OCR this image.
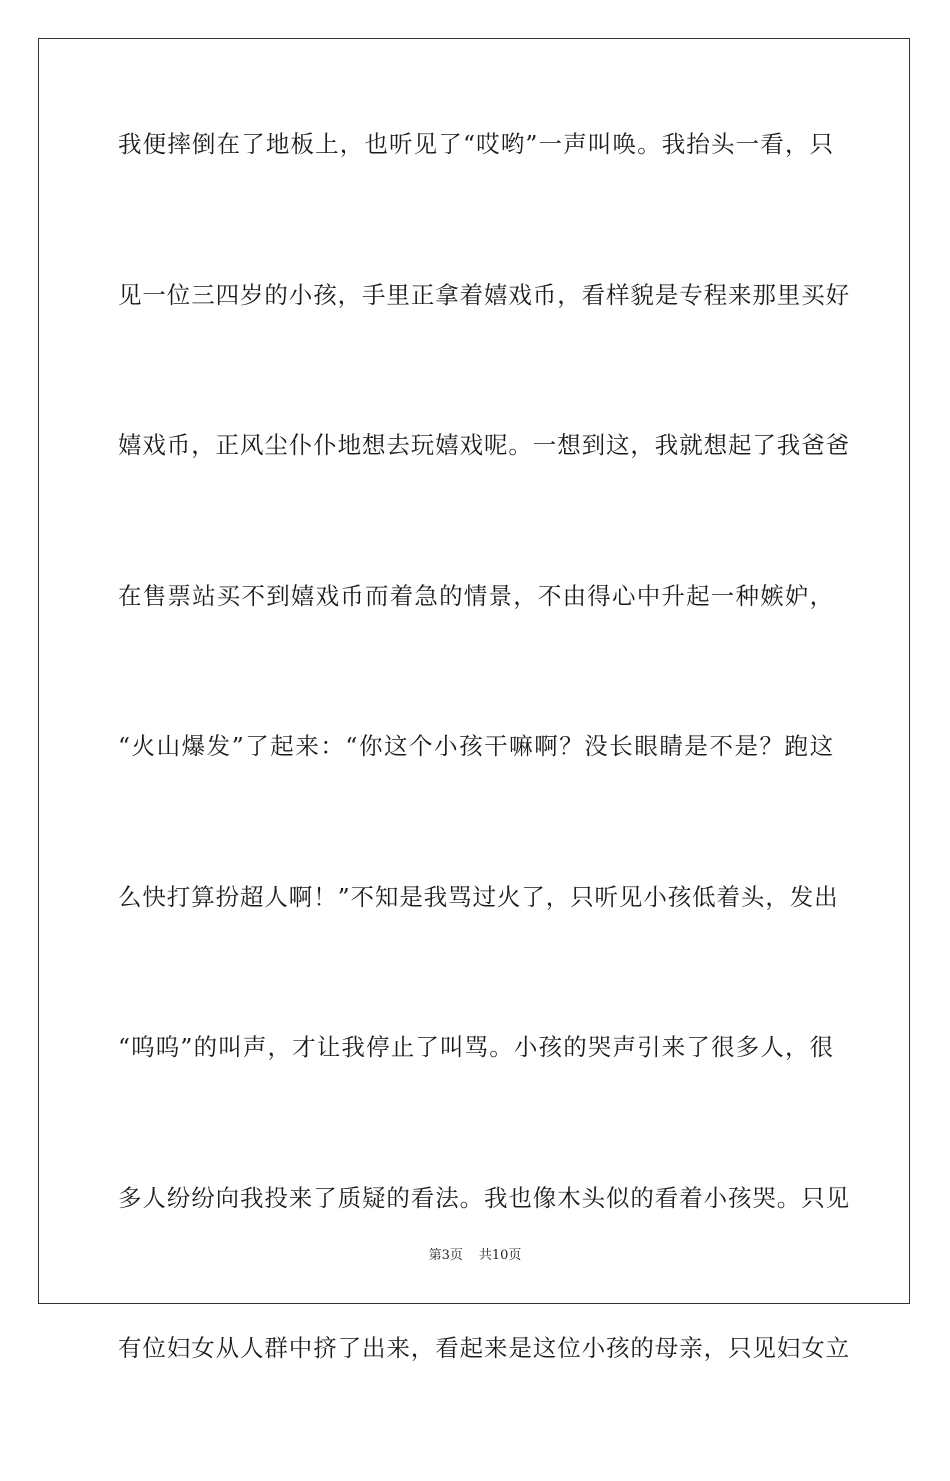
我便摔倒在了地板上，也听见了“哎哟”一声叫唤。我抬头一看，只

见一位三四岁的小孩，手里正拿着嬉戏币，看样貌是专程来那里买好

嬉戏币，正风尘仆仆地想去玩嬉戏呢。一想到这，我就想起了我爸爸

在售票站买不到嬉戏币而着急的情景，不由得心中升起一种嫉妒，

“火山爆发”了起来：“你这个小孩干嘛啊？没长眼睛是不是？跑这

么快打算扮超人啊！”不知是我骂过火了，只听见小孩低着头，发出

“呜呜”的叫声，才让我停止了叫骂。小孩的哭声引来了很多人，很

多人纷纷向我投来了质疑的看法。我也像木头似的看着小孩哭。只见

有位妇女从人群中挤了出来，看起来是这位小孩的母亲，只见妇女立

第3页 共10页
